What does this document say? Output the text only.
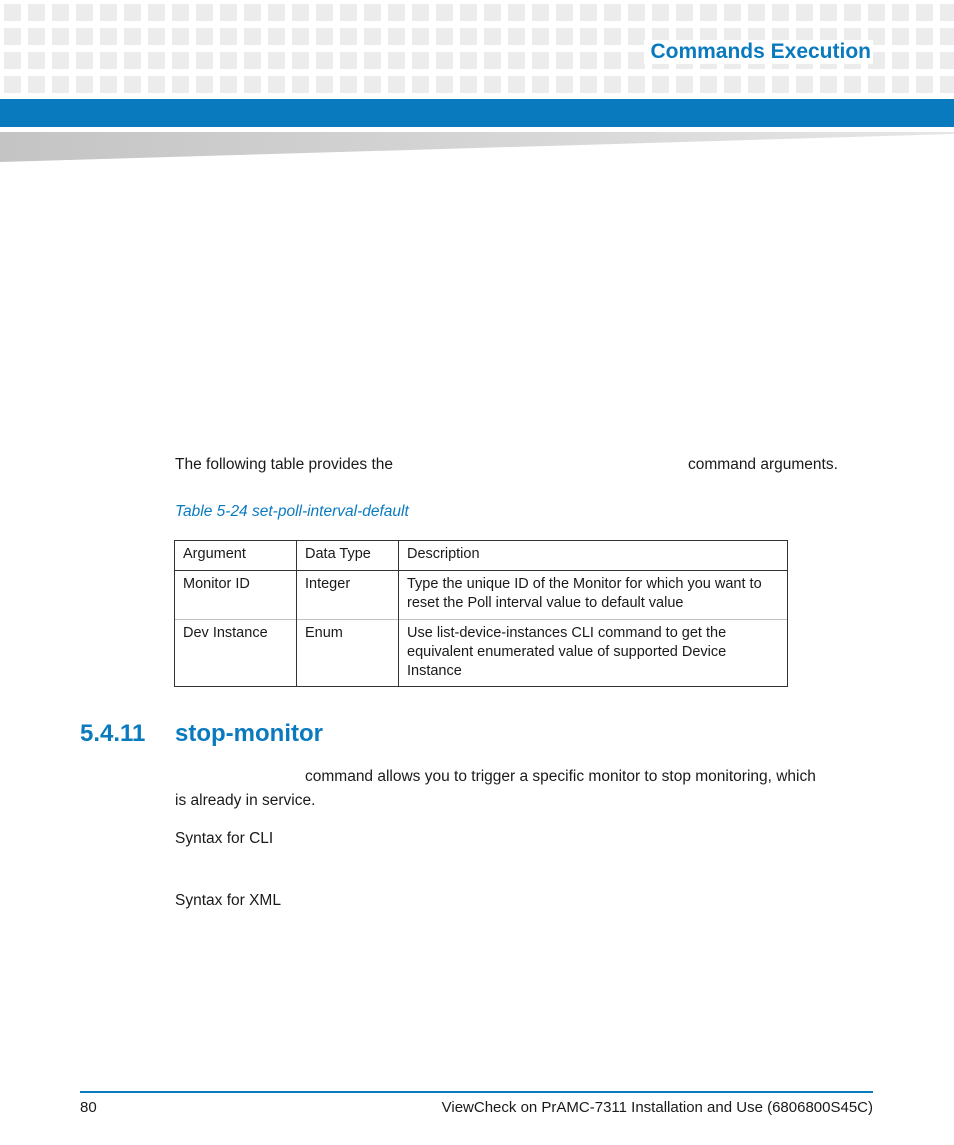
Commands Execution
The following table provides the	command arguments.
Table 5-24 set-poll-interval-default
Argument	Data Type	Description
Monitor ID	Integer	Type the unique ID of the Monitor for which you want to reset the Poll interval value to default value
Dev Instance	Enum	Use list-device-instances CLI command to get the equivalent enumerated value of supported Device Instance
5.4.11 stop-monitor
command allows you to trigger a specific monitor to stop monitoring, which
is already in service.
Syntax for CLI
Syntax for XML
80	ViewCheck on PrAMC-7311 Installation and Use (6806800S45C)
